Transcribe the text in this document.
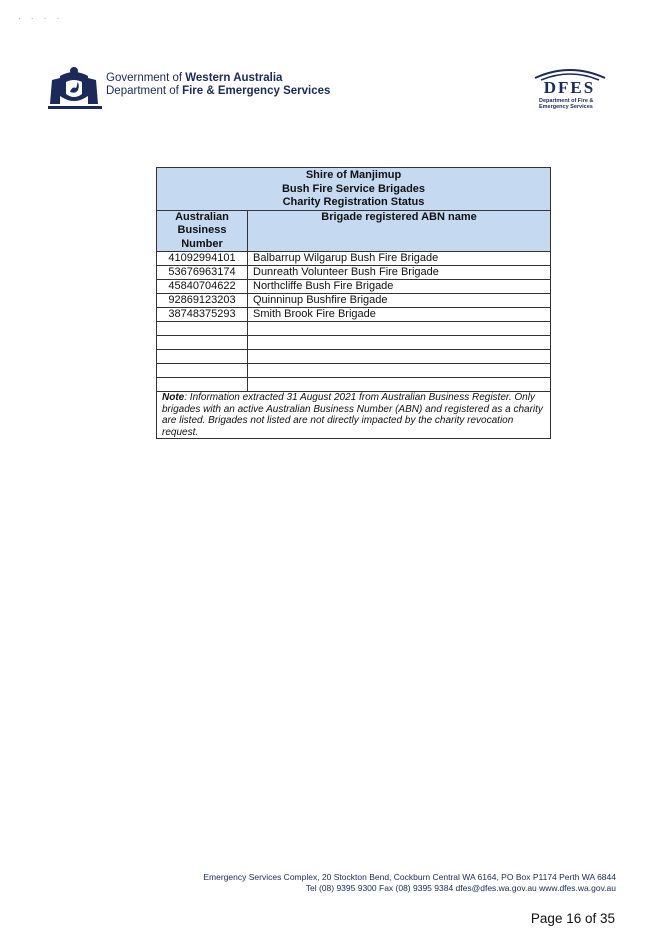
· · · ·
Government of Western Australia
Department of Fire & Emergency Services	DFES
Department of Fire &
Emergency Services
Shire of Manjimup
Bush Fire Service Brigades
Charity Registration Status	

Australian
Business
Number	Brigade registered ABN name
41092994101	Balbarrup Wilgarup Bush Fire Brigade
53676963174	Dunreath Volunteer Bush Fire Brigade
45840704622	Northcliffe Bush Fire Brigade
92869123203	Quinninup Bushfire Brigade
38748375293	Smith Brook Fire Brigade

Note: Information extracted 31 August 2021 from Australian Business Register. Only brigades with an active Australian Business Number (ABN) and registered as a charity are listed. Brigades not listed are not directly impacted by the charity revocation request.	
Emergency Services Complex, 20 Stockton Bend, Cockburn Central WA 6164, PO Box P1174 Perth WA 6844
Tel (08) 9395 9300 Fax (08) 9395 9384 dfes@dfes.wa.gov.au www.dfes.wa.gov.au
Page 16 of 35
